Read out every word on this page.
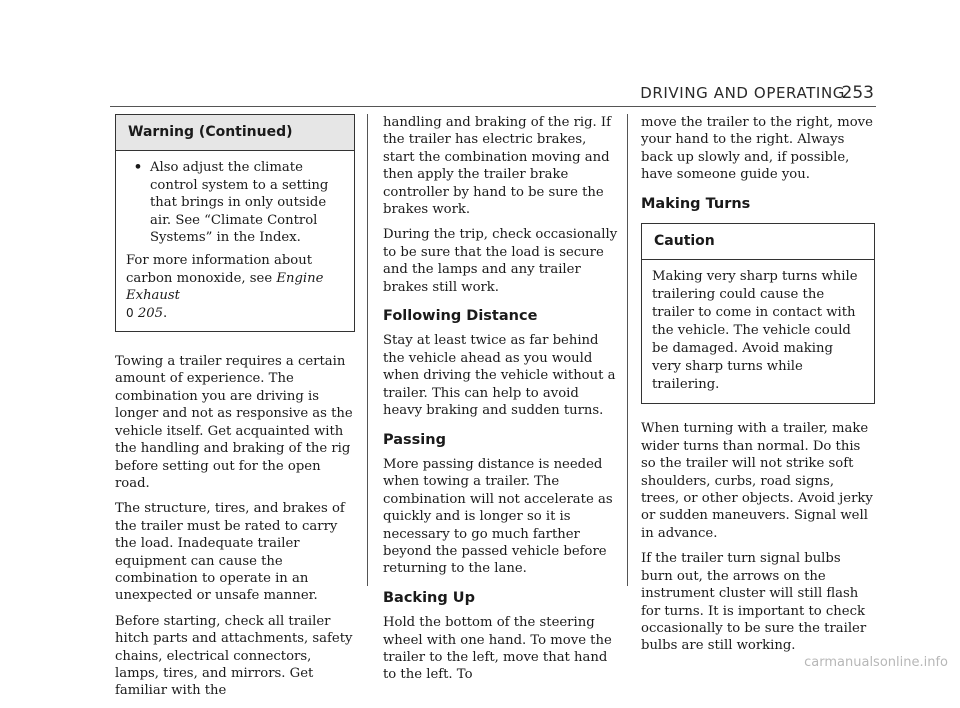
DRIVING AND OPERATING
253
Warning (Continued)
• Also adjust the climate control system to a setting that brings in only outside air. See “Climate Control Systems” in the Index.

For more information about carbon monoxide, see Engine Exhaust
0 205.

Towing a trailer requires a certain amount of experience. The combination you are driving is longer and not as responsive as the vehicle itself. Get acquainted with the handling and braking of the rig before setting out for the open road.

The structure, tires, and brakes of the trailer must be rated to carry the load. Inadequate trailer equipment can cause the combination to operate in an unexpected or unsafe manner.

Before starting, check all trailer hitch parts and attachments, safety chains, electrical connectors, lamps, tires, and mirrors. Get familiar with the

handling and braking of the rig. If the trailer has electric brakes, start the combination moving and then apply the trailer brake controller by hand to be sure the brakes work.

During the trip, check occasionally to be sure that the load is secure and the lamps and any trailer brakes still work.

Following Distance

Stay at least twice as far behind the vehicle ahead as you would when driving the vehicle without a trailer. This can help to avoid heavy braking and sudden turns.

Passing

More passing distance is needed when towing a trailer. The combination will not accelerate as quickly and is longer so it is necessary to go much farther beyond the passed vehicle before returning to the lane.

Backing Up

Hold the bottom of the steering wheel with one hand. To move the trailer to the left, move that hand to the left. To

move the trailer to the right, move your hand to the right. Always back up slowly and, if possible, have someone guide you.

Making Turns
Caution
Making very sharp turns while trailering could cause the trailer to come in contact with the vehicle. The vehicle could be damaged. Avoid making very sharp turns while trailering.

When turning with a trailer, make wider turns than normal. Do this so the trailer will not strike soft shoulders, curbs, road signs, trees, or other objects. Avoid jerky or sudden maneuvers. Signal well in advance.

If the trailer turn signal bulbs burn out, the arrows on the instrument cluster will still flash for turns. It is important to check occasionally to be sure the trailer bulbs are still working.

carmanualsonline.info
